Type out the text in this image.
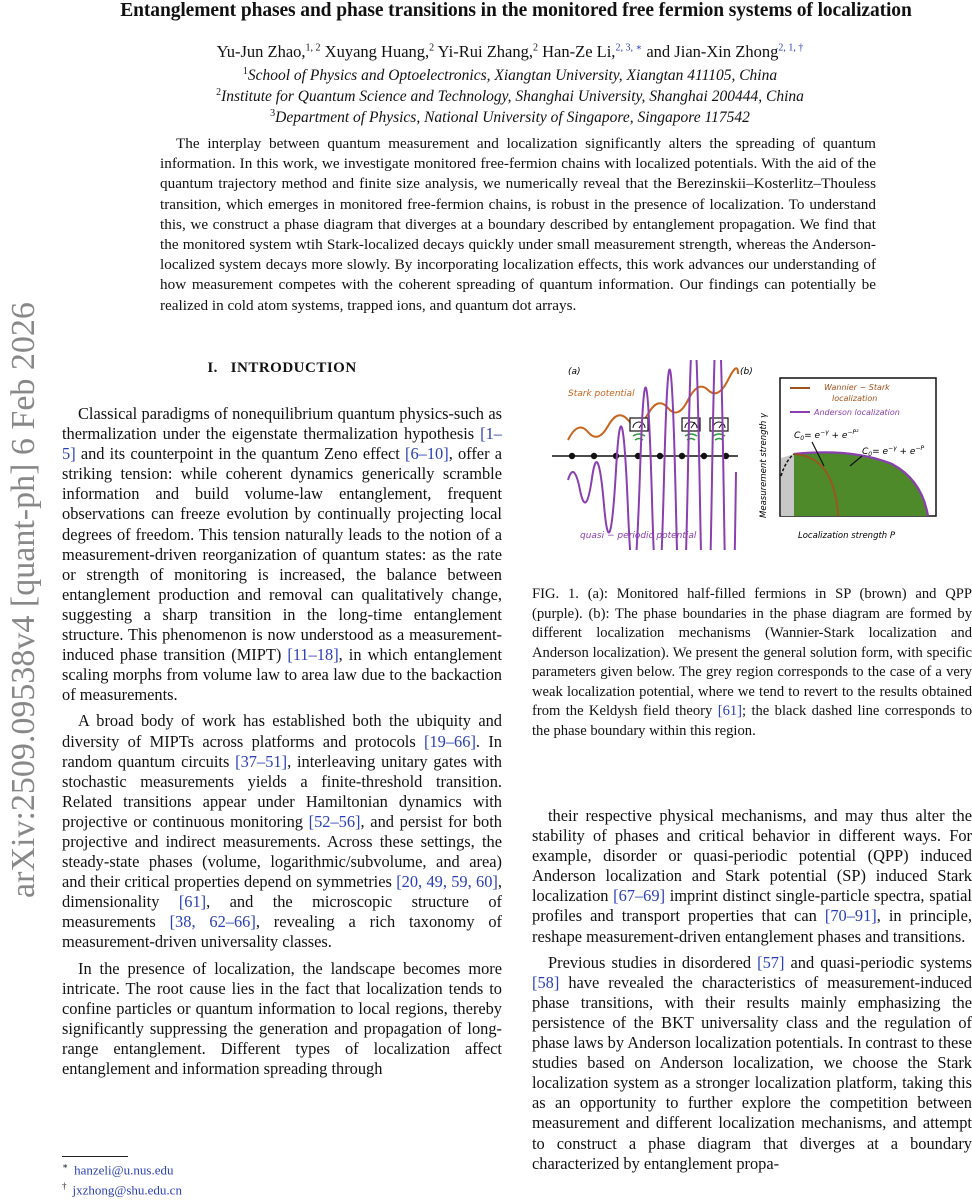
Entanglement phases and phase transitions in the monitored free fermion systems of localization
Yu-Jun Zhao,$^{1, 2}$ Xuyang Huang,$^2$ Yi-Rui Zhang,$^2$ Han-Ze Li,$^{2, 3, ∗}$ and Jian-Xin Zhong$^{2, 1, \dagger}$
$^1$School of Physics and Optoelectronics, Xiangtan University, Xiangtan 411105, China
$^2$Institute for Quantum Science and Technology, Shanghai University, Shanghai 200444, China
$^3$Department of Physics, National University of Singapore, Singapore 117542
The interplay between quantum measurement and localization significantly alters the spreading of quantum information. In this work, we investigate monitored free-fermion chains with localized potentials. With the aid of the quantum trajectory method and finite size analysis, we numerically reveal that the Berezinskii–Kosterlitz–Thouless transition, which emerges in monitored free-fermion chains, is robust in the presence of localization. To understand this, we construct a phase diagram that diverges at a boundary described by entanglement propagation. We find that the monitored system wtih Stark-localized decays quickly under small measurement strength, whereas the Anderson-localized system decays more slowly. By incorporating localization effects, this work advances our understanding of how measurement competes with the coherent spreading of quantum information. Our findings can potentially be realized in cold atom systems, trapped ions, and quantum dot arrays.
arXiv:2509.09538v4 [quant-ph] 6 Feb 2026	I. INTRODUCTION

Classical paradigms of nonequilibrium quantum physics-such as thermalization under the eigenstate thermalization hypothesis [1–5] and its counterpoint in the quantum Zeno effect [6–10], offer a striking tension: while coherent dynamics generically scramble information and build volume-law entanglement, frequent observations can freeze evolution by continually projecting local degrees of freedom. This tension naturally leads to the notion of a measurement-driven reorganization of quantum states: as the rate or strength of monitoring is increased, the balance between entanglement production and removal can qualitatively change, suggesting a sharp transition in the long-time entanglement structure. This phenomenon is now understood as a measurement-induced phase transition (MIPT) [11–18], in which entanglement scaling morphs from volume law to area law due to the backaction of measurements.

A broad body of work has established both the ubiquity and diversity of MIPTs across platforms and protocols [19–66]. In random quantum circuits [37–51], interleaving unitary gates with stochastic measurements yields a finite-threshold transition. Related transitions appear under Hamiltonian dynamics with projective or continuous monitoring [52–56], and persist for both projective and indirect measurements. Across these settings, the steady-state phases (volume, logarithmic/subvolume, and area) and their critical properties depend on symmetries [20, 49, 59, 60], dimensionality [61], and the microscopic structure of measurements [38, 62–66], revealing a rich taxonomy of measurement-driven universality classes.

In the presence of localization, the landscape becomes more intricate. The root cause lies in the fact that localization tends to confine particles or quantum information to local regions, thereby significantly suppressing the generation and propagation of long-range entanglement. Different types of localization affect entanglement and information spreading through

(a)
Stark potential
quasi − periodic potential
(b)
Measurement strength γ
Wannier − Stark
localization
Anderson localization
$C_0= e^{-\gamma} + e^{-P^2}$
$C_0= e^{-\gamma} + e^{-P}$
Localization strength P

FIG. 1. (a): Monitored half-filled fermions in SP (brown) and QPP (purple). (b): The phase boundaries in the phase diagram are formed by different localization mechanisms (Wannier-Stark localization and Anderson localization). We present the general solution form, with specific parameters given below. The grey region corresponds to the case of a very weak localization potential, where we tend to revert to the results obtained from the Keldysh field theory [61]; the black dashed line corresponds to the phase boundary within this region.

their respective physical mechanisms, and may thus alter the stability of phases and critical behavior in different ways. For example, disorder or quasi-periodic potential (QPP) induced Anderson localization and Stark potential (SP) induced Stark localization [67–69] imprint distinct single-particle spectra, spatial profiles and transport properties that can [70–91], in principle, reshape measurement-driven entanglement phases and transitions.

Previous studies in disordered [57] and quasi-periodic systems [58] have revealed the characteristics of measurement-induced phase transitions, with their results mainly emphasizing the persistence of the BKT universality class and the regulation of phase laws by Anderson localization potentials. In contrast to these studies based on Anderson localization, we choose the Stark localization system as a stronger localization platform, taking this as an opportunity to further explore the competition between measurement and different localization mechanisms, and attempt to construct a phase diagram that diverges at a boundary characterized by entanglement propa-

∗ hanzeli@u.nus.edu
† jxzhong@shu.edu.cn
